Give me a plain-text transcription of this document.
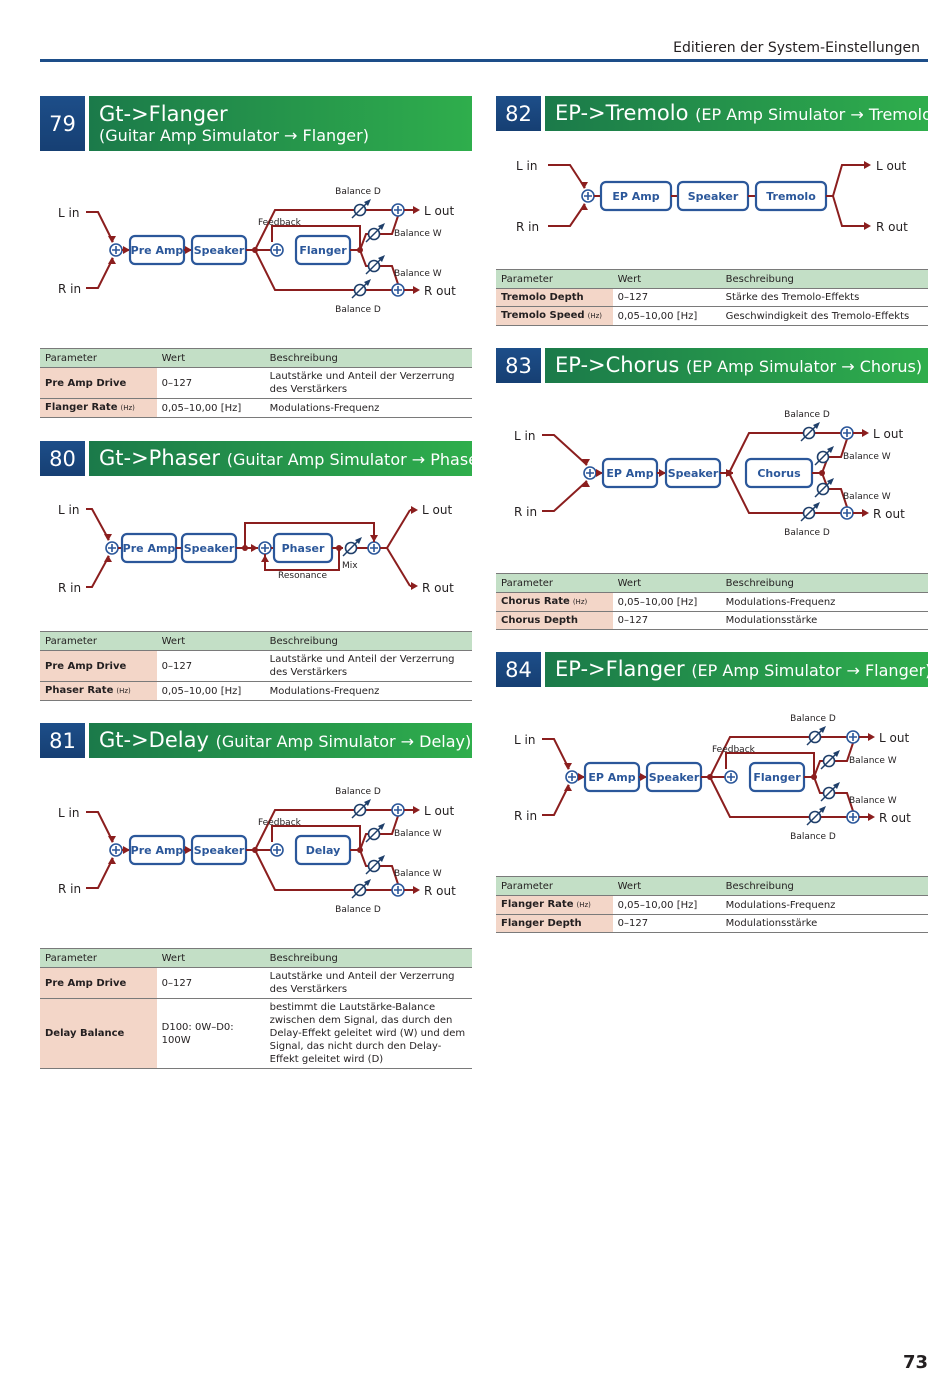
Editieren der System-Einstellungen
79	Gt->Flanger
(Guitar Amp Simulator → Flanger)
80	Gt->Phaser (Guitar Amp Simulator → Phaser)
81	Gt->Delay (Guitar Amp Simulator → Delay)
82	EP->Tremolo (EP Amp Simulator → Tremolo)
83	EP->Chorus (EP Amp Simulator → Chorus)
84	EP->Flanger (EP Amp Simulator → Flanger)
L in
R in
Pre Amp Speaker	Flanger
Feedback
Balance W
Balance W
Balance D
Balance D
L out
R out
L in
R in
Pre Amp Speaker	Phaser
Resonance
Mix
L out
R out
L in
R in
Pre Amp Speaker	Delay
Feedback
Balance W
Balance W
Balance D
Balance D
L out
R out
L in
R in
EP Amp	Speaker	Tremolo
L out
R out
L in
R in
EP Amp Speaker	Chorus
Balance W
Balance W
Balance D
Balance D
L out
R out
L in
R in
EP Amp Speaker	Flanger
Feedback
Balance W
Balance W
Balance D
Balance D
L out
R out
Parameter	Wert	Beschreibung
Pre Amp Drive	0–127	Lautstärke und Anteil der Verzerrung des Verstärkers
Flanger Rate (Hz)	0,05–10,00 [Hz]	Modulations-Frequenz
Parameter	Wert	Beschreibung
Pre Amp Drive	0–127	Lautstärke und Anteil der Verzerrung des Verstärkers
Phaser Rate (Hz)	0,05–10,00 [Hz]	Modulations-Frequenz
Parameter	Wert	Beschreibung
Pre Amp Drive	0–127	Lautstärke und Anteil der Verzerrung des Verstärkers
Delay Balance	D100: 0W–D0: 100W	bestimmt die Lautstärke-Balance zwischen dem Signal, das durch den Delay-Effekt geleitet wird (W) und dem Signal, das nicht durch den Delay-Effekt geleitet wird (D)
Parameter	Wert	Beschreibung
Tremolo Depth	0–127	Stärke des Tremolo-Effekts
Tremolo Speed (Hz)	0,05–10,00 [Hz]	Geschwindigkeit des Tremolo-Effekts
Parameter	Wert	Beschreibung
Chorus Rate (Hz)	0,05–10,00 [Hz]	Modulations-Frequenz
Chorus Depth	0–127	Modulationsstärke
Parameter	Wert	Beschreibung
Flanger Rate (Hz)	0,05–10,00 [Hz]	Modulations-Frequenz
Flanger Depth	0–127	Modulationsstärke
73
